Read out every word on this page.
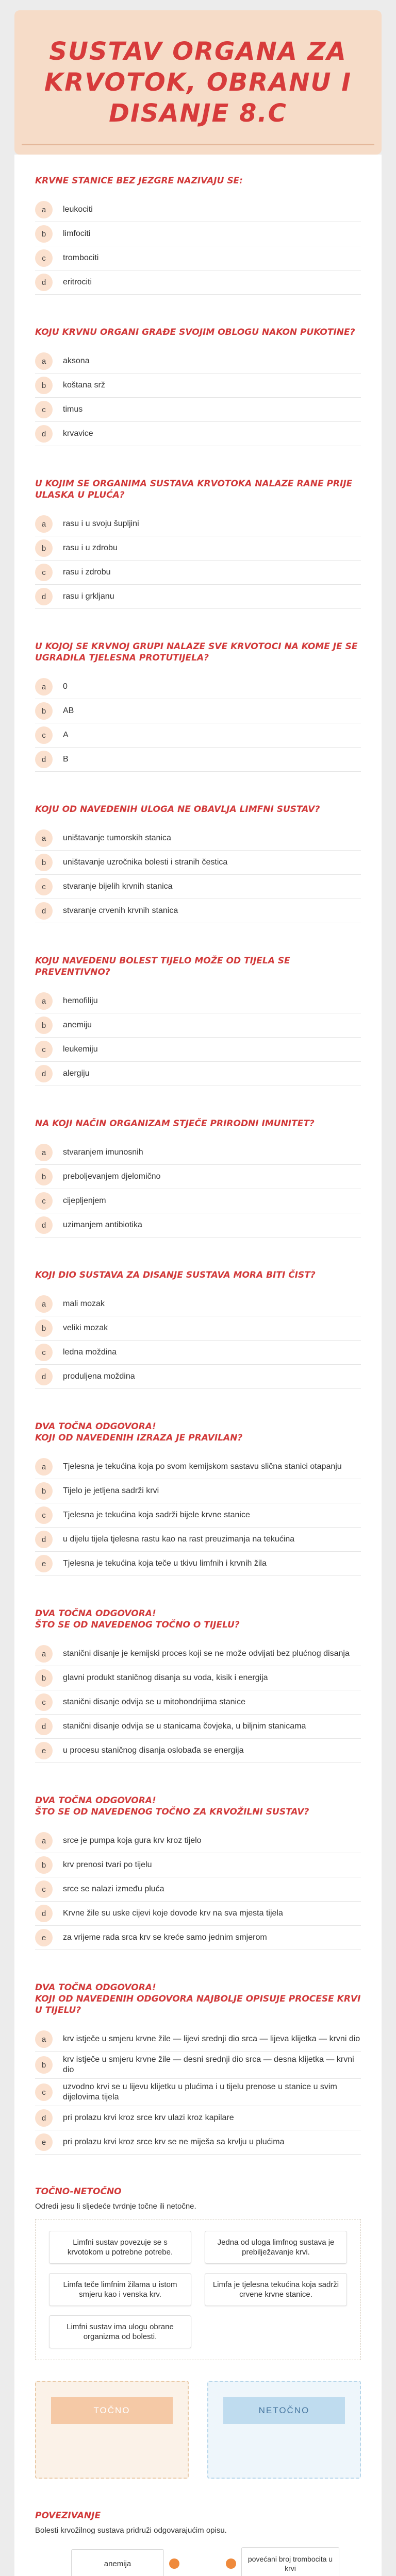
SUSTAV ORGANA ZA KRVOTOK, OBRANU I DISANJE 8.C
KRVNE STANICE BEZ JEZGRE NAZIVAJU SE:
a	leukociti
b	limfociti
c	trombociti
d	eritrociti
KOJU KRVNU ORGANI GRAĐE SVOJIM OBLOGU NAKON PUKOTINE?
a	aksona
b	koštana srž
c	timus
d	krvavice
U KOJIM SE ORGANIMA SUSTAVA KRVOTOKA NALAZE RANE PRIJE ULASKA U PLUĆA?
a	rasu i u svoju šupljini
b	rasu i u zdrobu
c	rasu i zdrobu
d	rasu i grkljanu
U KOJOJ SE KRVNOJ GRUPI NALAZE SVE KRVOTOCI NA KOME JE SE UGRADILA TJELESNA PROTUTIJELA?
a	0
b	AB
c	A
d	B
KOJU OD NAVEDENIH ULOGA NE OBAVLJA LIMFNI SUSTAV?
a	uništavanje tumorskih stanica
b	uništavanje uzročnika bolesti i stranih čestica
c	stvaranje bijelih krvnih stanica
d	stvaranje crvenih krvnih stanica
KOJU NAVEDENU BOLEST TIJELO MOŽE OD TIJELA SE PREVENTIVNO?
a	hemofiliju
b	anemiju
c	leukemiju
d	alergiju
NA KOJI NAČIN ORGANIZAM STJEČE PRIRODNI IMUNITET?
a	stvaranjem imunosnih
b	preboljevanjem djelomično
c	cijepljenjem
d	uzimanjem antibiotika
KOJI DIO SUSTAVA ZA DISANJE SUSTAVA MORA BITI ČIST?
a	mali mozak
b	veliki mozak
c	ledna moždina
d	produljena moždina
DVA TOČNA ODGOVORA!
KOJI OD NAVEDENIH IZRAZA JE PRAVILAN?
a	Tjelesna je tekućina koja po svom kemijskom sastavu slična stanici otapanju
b	Tijelo je jetljena sadrži krvi
c	Tjelesna je tekućina koja sadrži bijele krvne stanice
d	u dijelu tijela tjelesna rastu kao na rast preuzimanja na tekućina
e	Tjelesna je tekućina koja teče u tkivu limfnih i krvnih žila
DVA TOČNA ODGOVORA!
ŠTO SE OD NAVEDENOG TOČNO O TIJELU?
a	stanični disanje je kemijski proces koji se ne može odvijati bez plućnog disanja
b	glavni produkt staničnog disanja su voda, kisik i energija
c	stanični disanje odvija se u mitohondrijima stanice
d	stanični disanje odvija se u stanicama čovjeka, u biljnim stanicama
e	u procesu staničnog disanja oslobađa se energija
DVA TOČNA ODGOVORA!
ŠTO SE OD NAVEDENOG TOČNO ZA KRVOŽILNI SUSTAV?
a	srce je pumpa koja gura krv kroz tijelo
b	krv prenosi tvari po tijelu
c	srce se nalazi između pluća
d	Krvne žile su uske cijevi koje dovode krv na sva mjesta tijela
e	za vrijeme rada srca krv se kreće samo jednim smjerom
DVA TOČNA ODGOVORA!
KOJI OD NAVEDENIH ODGOVORA NAJBOLJE OPISUJE PROCESE KRVI U TIJELU?
a	krv istječe u smjeru krvne žile — lijevi srednji dio srca — lijeva klijetka — krvni dio
b
krv istječe u smjeru krvne žile — desni srednji dio srca — desna klijetka — krvni dio
c
uzvodno krvi se u lijevu klijetku u plućima i u tijelu prenose u stanice u svim dijelovima tijela
d	pri prolazu krvi kroz srce krv ulazi kroz kapilare
e	pri prolazu krvi kroz srce krv se ne miješa sa krvlju u plućima
TOČNO-NETOČNO
Odredi jesu li sljedeće tvrdnje točne ili netočne.
Limfni sustav povezuje se s krvotokom u potrebne potrebe.
Jedna od uloga limfnog sustava je prebilježavanje krvi.
Limfa teče limfnim žilama u istom smjeru kao i venska krv.
Limfa je tjelesna tekućina koja sadrži crvene krvne stanice.
Limfni sustav ima ulogu obrane organizma od bolesti.
TOČNO	NETOČNO
POVEZIVANJE
Bolesti krvožilnog sustava pridruži odgovarajućim opisu.
anemija
povećani broj trombocita u krvi
